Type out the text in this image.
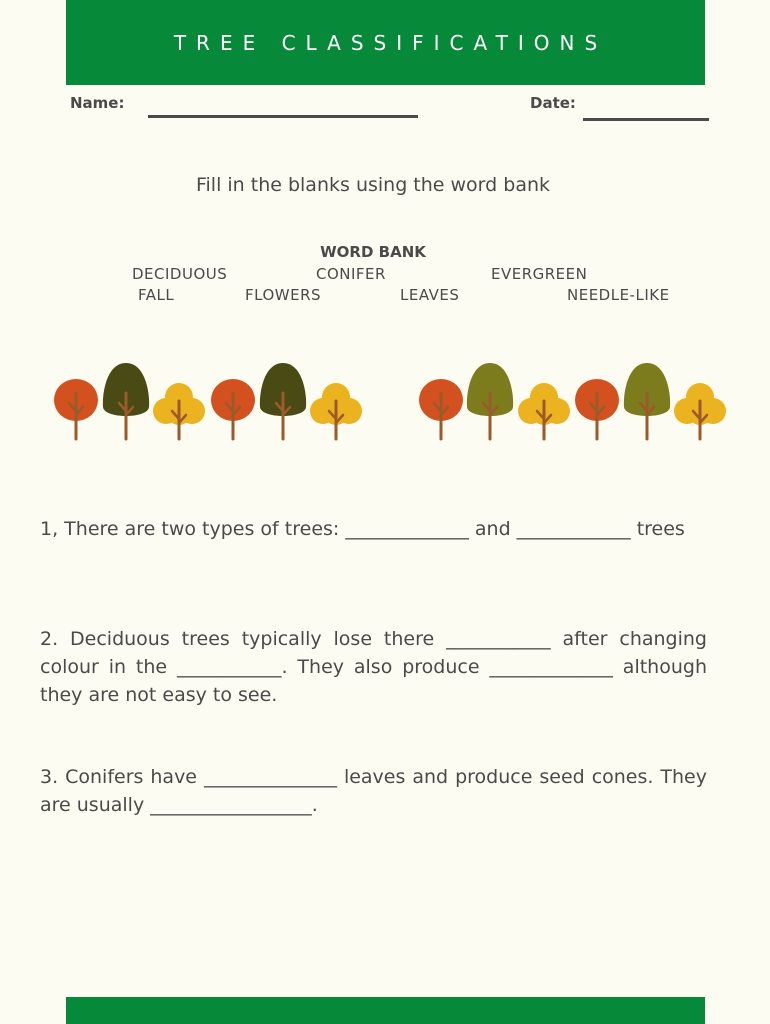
TREE CLASSIFICATIONS
Name:	Date:
Fill in the blanks using the word bank
WORD BANK
DECIDUOUS	CONIFER	EVERGREEN
FALL	FLOWERS	LEAVES	NEEDLE-LIKE

1, There are two types of trees: _____________ and ____________ trees

2. Deciduous trees typically lose there ___________ after changing colour in the ___________. They also produce _____________ although they are not easy to see.

3. Conifers have ______________ leaves and produce seed cones. They are usually _________________.
